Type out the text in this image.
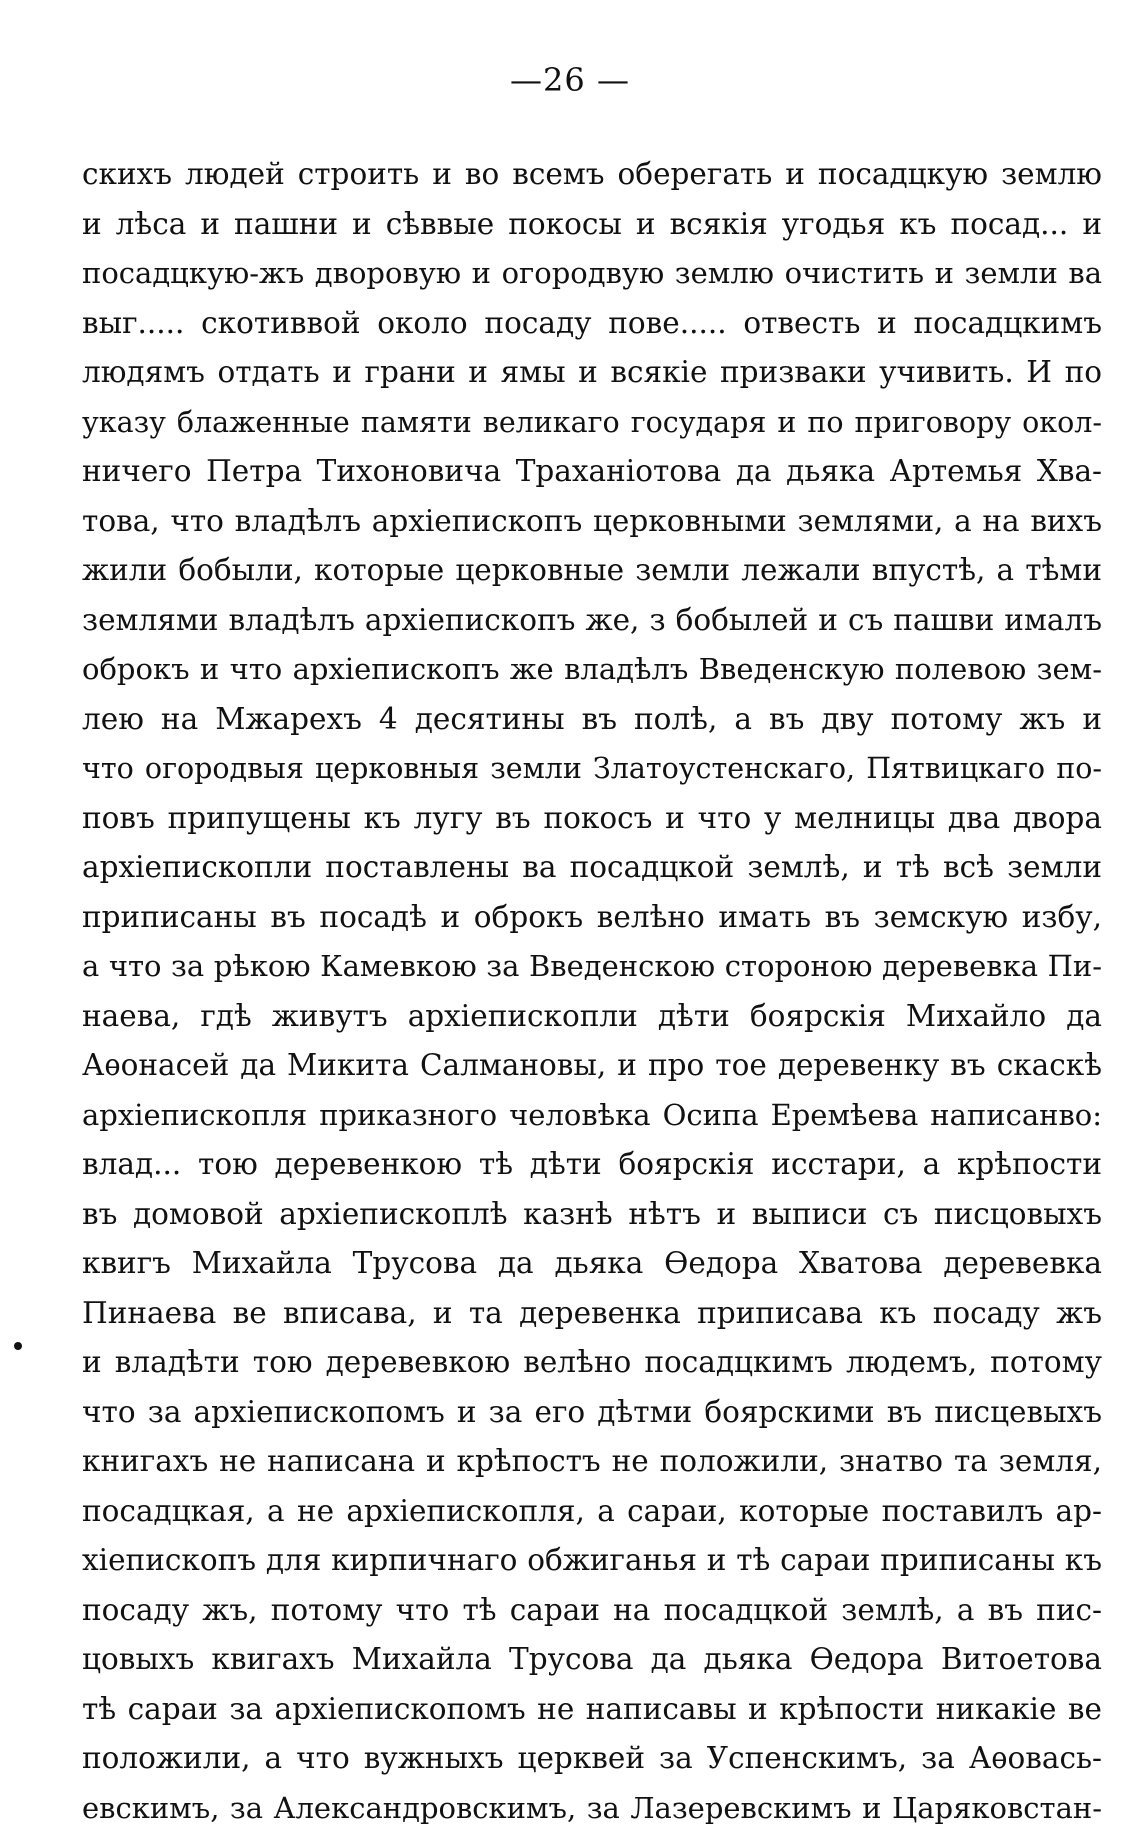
—26 —
скихъ людей строить и во всемъ оберегать и посадцкую землю
и лѣса и пашни и сѣввые покосы и всякія угодья къ посад... и
посадцкую-жъ дворовую и огородвую землю очистить и земли ва
выг..... скотиввой около посаду пове..... отвесть и посадцкимъ
людямъ отдать и грани и ямы и всякіе призваки учивить. И по
указу блаженные памяти великаго государя и по приговору окол-
ничего Петра Тихоновича Траханіотова да дьяка Артемья Хва-
това, что владѣлъ архіепископъ церковными землями, а на вихъ
жили бобыли, которые церковные земли лежали впустѣ, а тѣми
землями владѣлъ архіепископъ же, з бобылей и съ пашви ималъ
оброкъ и что архіепископъ же владѣлъ Введенскую полевою зем-
лею на Мжарехъ 4 десятины въ полѣ, а въ дву потому жъ и
что огородвыя церковныя земли Златоустенскаго, Пятвицкаго по-
повъ припущены къ лугу въ покосъ и что у мелницы два двора
архіепископли поставлены ва посадцкой землѣ, и тѣ всѣ земли
приписаны въ посадѣ и оброкъ велѣно имать въ земскую избу,
а что за рѣкою Камевкою за Введенскою стороною деревевка Пи-
наева, гдѣ живутъ архіепископли дѣти боярскія Михайло да
Аѳонасей да Микита Салмановы, и про тое деревенку въ скаскѣ
архіепископля приказного человѣка Осипа Еремѣева написанво:
влад... тою деревенкою тѣ дѣти боярскія исстари, а крѣпости
въ домовой архіепископлѣ казнѣ нѣтъ и выписи съ писцовыхъ
квигъ Михайла Трусова да дьяка Ѳедора Хватова деревевка
Пинаева ве вписава, и та деревенка приписава къ посаду жъ
и владѣти тою деревевкою велѣно посадцкимъ людемъ, потому
что за архіепископомъ и за его дѣтми боярскими въ писцевыхъ
книгахъ не написана и крѣпостъ не положили, знатво та земля,
посадцкая, а не архіепископля, а сараи, которые поставилъ ар-
хіепископъ для кирпичнаго обжиганья и тѣ сараи приписаны къ
посаду жъ, потому что тѣ сараи на посадцкой землѣ, а въ пис-
цовыхъ квигахъ Михайла Трусова да дьяка Ѳедора Витоетова
тѣ сараи за архіепископомъ не написавы и крѣпости никакіе ве
положили, а что вужныхъ церквей за Успенскимъ, за Аѳовась-
евскимъ, за Александровскимъ, за Лазеревскимъ и Царяковстан-
